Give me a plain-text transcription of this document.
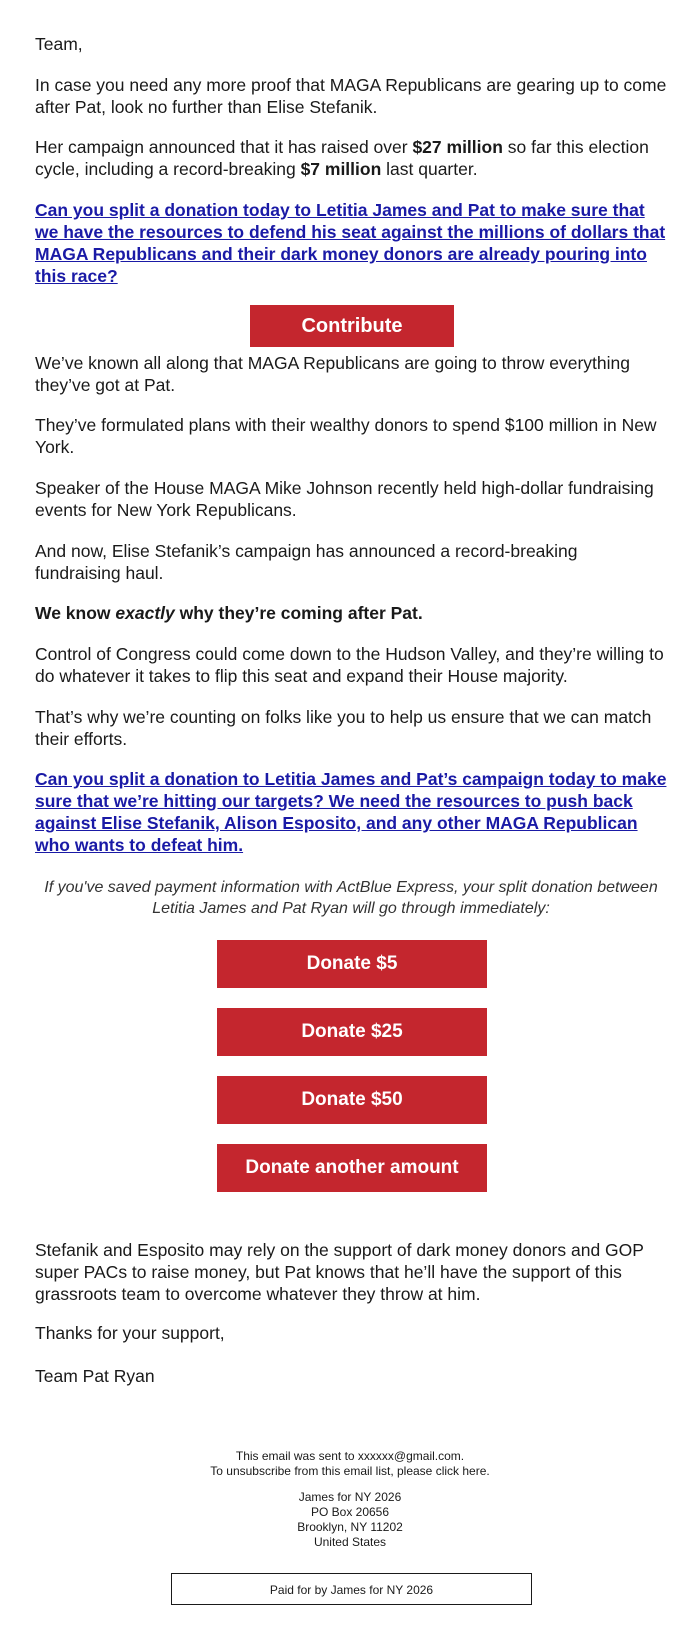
Team,

In case you need any more proof that MAGA Republicans are gearing up to come after Pat, look no further than Elise Stefanik.

Her campaign announced that it has raised over $27 million so far this election cycle, including a record-breaking $7 million last quarter.

Can you split a donation today to Letitia James and Pat to make sure that we have the resources to defend his seat against the millions of dollars that MAGA Republicans and their dark money donors are already pouring into this race?

Contribute

We’ve known all along that MAGA Republicans are going to throw everything they’ve got at Pat.

They’ve formulated plans with their wealthy donors to spend $100 million in New York.

Speaker of the House MAGA Mike Johnson recently held high-dollar fundraising events for New York Republicans.

And now, Elise Stefanik’s campaign has announced a record-breaking fundraising haul.

We know exactly why they’re coming after Pat.

Control of Congress could come down to the Hudson Valley, and they’re willing to do whatever it takes to flip this seat and expand their House majority.

That’s why we’re counting on folks like you to help us ensure that we can match their efforts.

Can you split a donation to Letitia James and Pat’s campaign today to make sure that we’re hitting our targets? We need the resources to push back against Elise Stefanik, Alison Esposito, and any other MAGA Republican who wants to defeat him.

If you've saved payment information with ActBlue Express, your split donation between Letitia James and Pat Ryan will go through immediately:
Donate $5
Donate $25
Donate $50
Donate another amount

Stefanik and Esposito may rely on the support of dark money donors and GOP super PACs to raise money, but Pat knows that he’ll have the support of this grassroots team to overcome whatever they throw at him.

Thanks for your support,

Team Pat Ryan

This email was sent to xxxxxx@gmail.com.
To unsubscribe from this email list, please click here.
James for NY 2026
PO Box 20656
Brooklyn, NY 11202
United States
Paid for by James for NY 2026
